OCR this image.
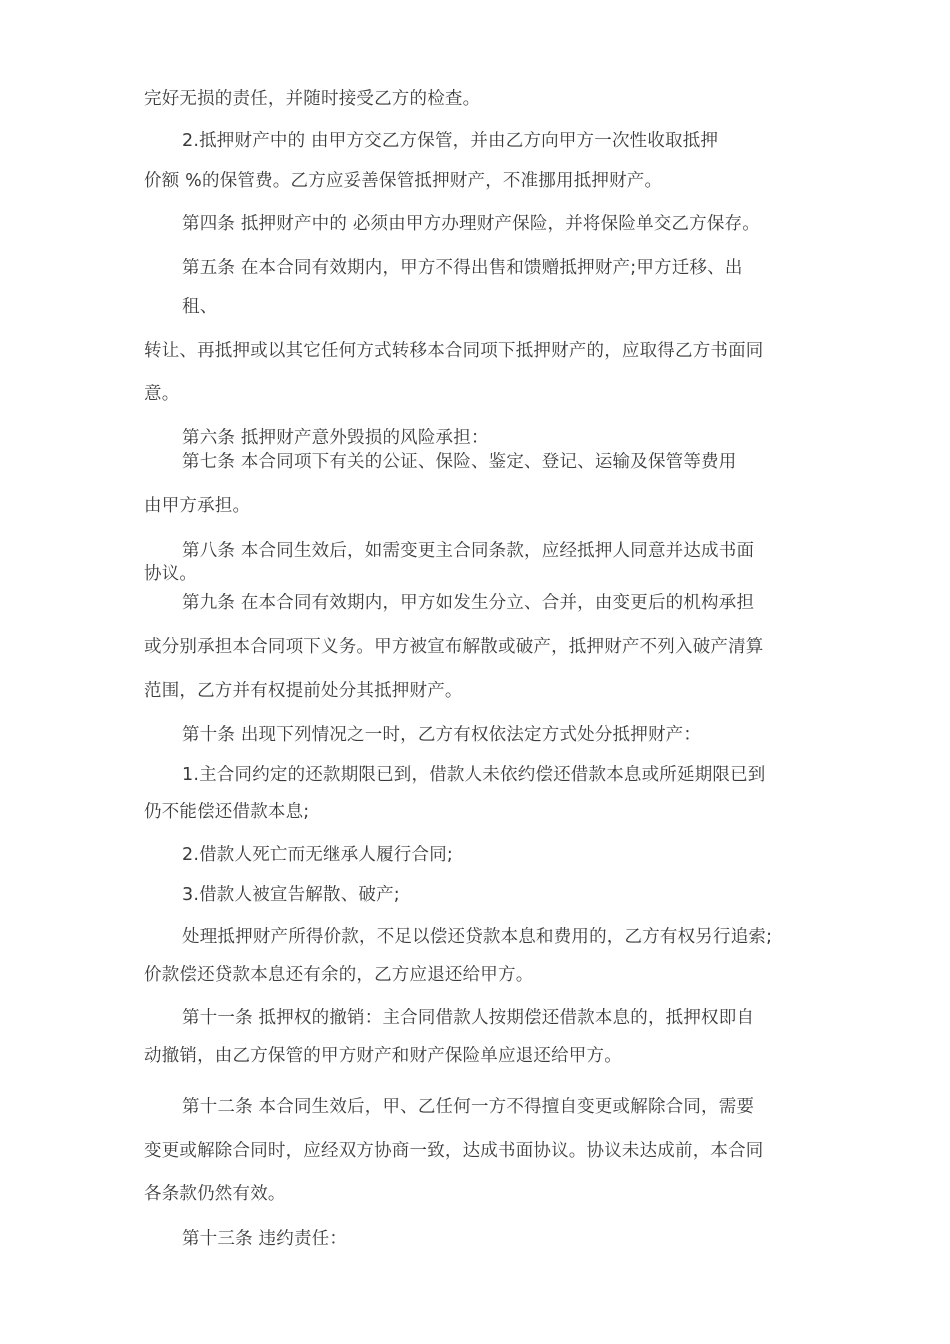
完好无损的责任，并随时接受乙方的检查。
2.抵押财产中的 由甲方交乙方保管，并由乙方向甲方一次性收取抵押
价额 %的保管费。乙方应妥善保管抵押财产，不准挪用抵押财产。
第四条 抵押财产中的 必须由甲方办理财产保险，并将保险单交乙方保存。
第五条 在本合同有效期内，甲方不得出售和馈赠抵押财产;甲方迁移、出
租、
转让、再抵押或以其它任何方式转移本合同项下抵押财产的，应取得乙方书面同
意。
第六条 抵押财产意外毁损的风险承担：
第七条 本合同项下有关的公证、保险、鉴定、登记、运输及保管等费用
由甲方承担。
第八条 本合同生效后，如需变更主合同条款，应经抵押人同意并达成书面
协议。
第九条 在本合同有效期内，甲方如发生分立、合并，由变更后的机构承担
或分别承担本合同项下义务。甲方被宣布解散或破产，抵押财产不列入破产清算
范围，乙方并有权提前处分其抵押财产。
第十条 出现下列情况之一时，乙方有权依法定方式处分抵押财产：
1.主合同约定的还款期限已到，借款人未依约偿还借款本息或所延期限已到
仍不能偿还借款本息;
2.借款人死亡而无继承人履行合同;
3.借款人被宣告解散、破产;
处理抵押财产所得价款，不足以偿还贷款本息和费用的，乙方有权另行追索;
价款偿还贷款本息还有余的，乙方应退还给甲方。
第十一条 抵押权的撤销：主合同借款人按期偿还借款本息的，抵押权即自
动撤销，由乙方保管的甲方财产和财产保险单应退还给甲方。
第十二条 本合同生效后，甲、乙任何一方不得擅自变更或解除合同，需要
变更或解除合同时，应经双方协商一致，达成书面协议。协议未达成前，本合同
各条款仍然有效。
第十三条 违约责任：
